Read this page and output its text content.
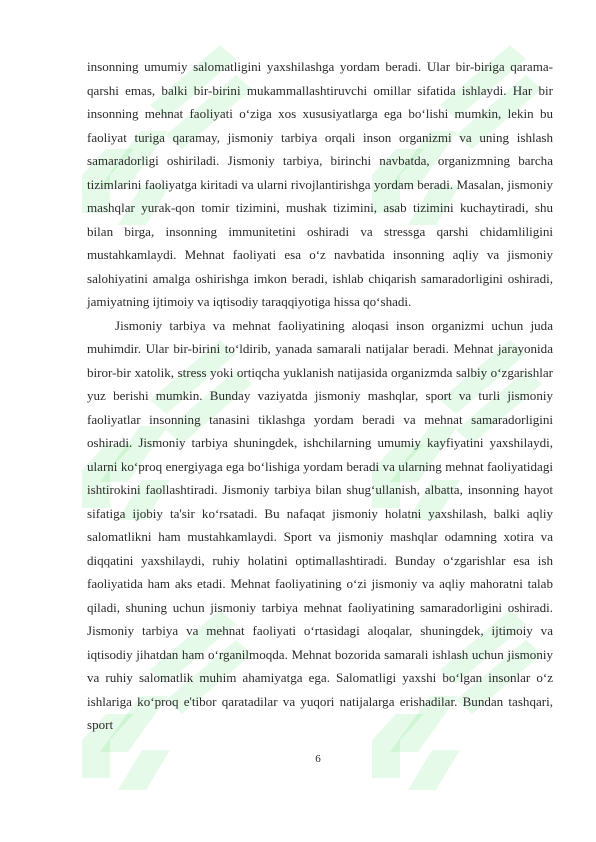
insonning umumiy salomatligini yaxshilashga yordam beradi. Ular bir-biriga qarama-qarshi emas, balki bir-birini mukammallashtiruvchi omillar sifatida ishlaydi. Har bir insonning mehnat faoliyati o‘ziga xos xususiyatlarga ega bo‘lishi mumkin, lekin bu faoliyat turiga qaramay, jismoniy tarbiya orqali inson organizmi va uning ishlash samaradorligi oshiriladi. Jismoniy tarbiya, birinchi navbatda, organizmning barcha tizimlarini faoliyatga kiritadi va ularni rivojlantirishga yordam beradi. Masalan, jismoniy mashqlar yurak-qon tomir tizimini, mushak tizimini, asab tizimini kuchaytiradi, shu bilan birga, insonning immunitetini oshiradi va stressga qarshi chidamliligini mustahkamlaydi. Mehnat faoliyati esa o‘z navbatida insonning aqliy va jismoniy salohiyatini amalga oshirishga imkon beradi, ishlab chiqarish samaradorligini oshiradi, jamiyatning ijtimoiy va iqtisodiy taraqqiyotiga hissa qo‘shadi.

Jismoniy tarbiya va mehnat faoliyatining aloqasi inson organizmi uchun juda muhimdir. Ular bir-birini to‘ldirib, yanada samarali natijalar beradi. Mehnat jarayonida biror-bir xatolik, stress yoki ortiqcha yuklanish natijasida organizmda salbiy o‘zgarishlar yuz berishi mumkin. Bunday vaziyatda jismoniy mashqlar, sport va turli jismoniy faoliyatlar insonning tanasini tiklashga yordam beradi va mehnat samaradorligini oshiradi. Jismoniy tarbiya shuningdek, ishchilarning umumiy kayfiyatini yaxshilaydi, ularni ko‘proq energiyaga ega bo‘lishiga yordam beradi va ularning mehnat faoliyatidagi ishtirokini faollashtiradi. Jismoniy tarbiya bilan shug‘ullanish, albatta, insonning hayot sifatiga ijobiy ta'sir ko‘rsatadi. Bu nafaqat jismoniy holatni yaxshilash, balki aqliy salomatlikni ham mustahkamlaydi. Sport va jismoniy mashqlar odamning xotira va diqqatini yaxshilaydi, ruhiy holatini optimallashtiradi. Bunday o‘zgarishlar esa ish faoliyatida ham aks etadi. Mehnat faoliyatining o‘zi jismoniy va aqliy mahoratni talab qiladi, shuning uchun jismoniy tarbiya mehnat faoliyatining samaradorligini oshiradi. Jismoniy tarbiya va mehnat faoliyati o‘rtasidagi aloqalar, shuningdek, ijtimoiy va iqtisodiy jihatdan ham o‘rganilmoqda. Mehnat bozorida samarali ishlash uchun jismoniy va ruhiy salomatlik muhim ahamiyatga ega. Salomatligi yaxshi bo‘lgan insonlar o‘z ishlariga ko‘proq e'tibor qaratadilar va yuqori natijalarga erishadilar. Bundan tashqari, sport

6
